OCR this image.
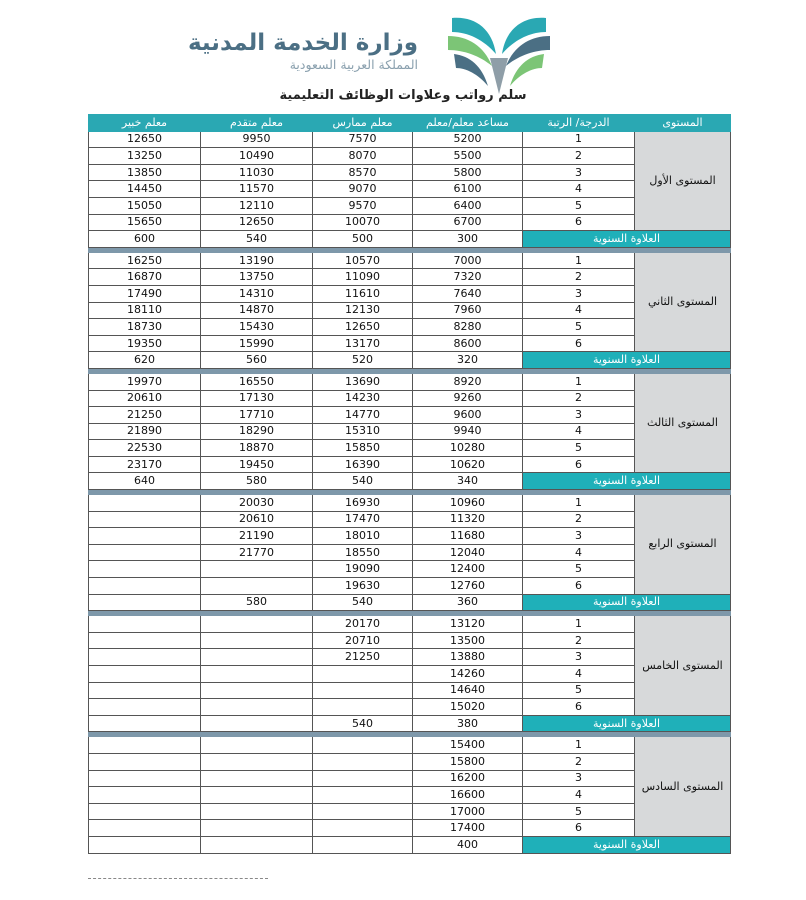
وزارة الخدمة المدنية
المملكة العربية السعودية
سلم رواتب وعلاوات الوظائف التعليمية
المستوى	الدرجة/ الرتبة	مساعد معلم/معلم	معلم ممارس	معلم متقدم	معلم خبير
المستوى الأول	1	5200	7570	9950	12650
	2	5500	8070	10490	13250
	3	5800	8570	11030	13850
	4	6100	9070	11570	14450
	5	6400	9570	12110	15050
	6	6700	10070	12650	15650
العلاوة السنوية		300	500	540	600

المستوى الثاني	1	7000	10570	13190	16250
	2	7320	11090	13750	16870
	3	7640	11610	14310	17490
	4	7960	12130	14870	18110
	5	8280	12650	15430	18730
	6	8600	13170	15990	19350
العلاوة السنوية		320	520	560	620

المستوى الثالث	1	8920	13690	16550	19970
	2	9260	14230	17130	20610
	3	9600	14770	17710	21250
	4	9940	15310	18290	21890
	5	10280	15850	18870	22530
	6	10620	16390	19450	23170
العلاوة السنوية		340	540	580	640

المستوى الرابع	1	10960	16930	20030	
	2	11320	17470	20610	
	3	11680	18010	21190	
	4	12040	18550	21770	
	5	12400	19090		
	6	12760	19630		
العلاوة السنوية		360	540	580	

المستوى الخامس	1	13120	20170		
	2	13500	20710		
	3	13880	21250		
	4	14260			
	5	14640			
	6	15020			
العلاوة السنوية		380	540		

المستوى السادس	1	15400			
	2	15800			
	3	16200			
	4	16600			
	5	17000			
	6	17400			
العلاوة السنوية		400			
